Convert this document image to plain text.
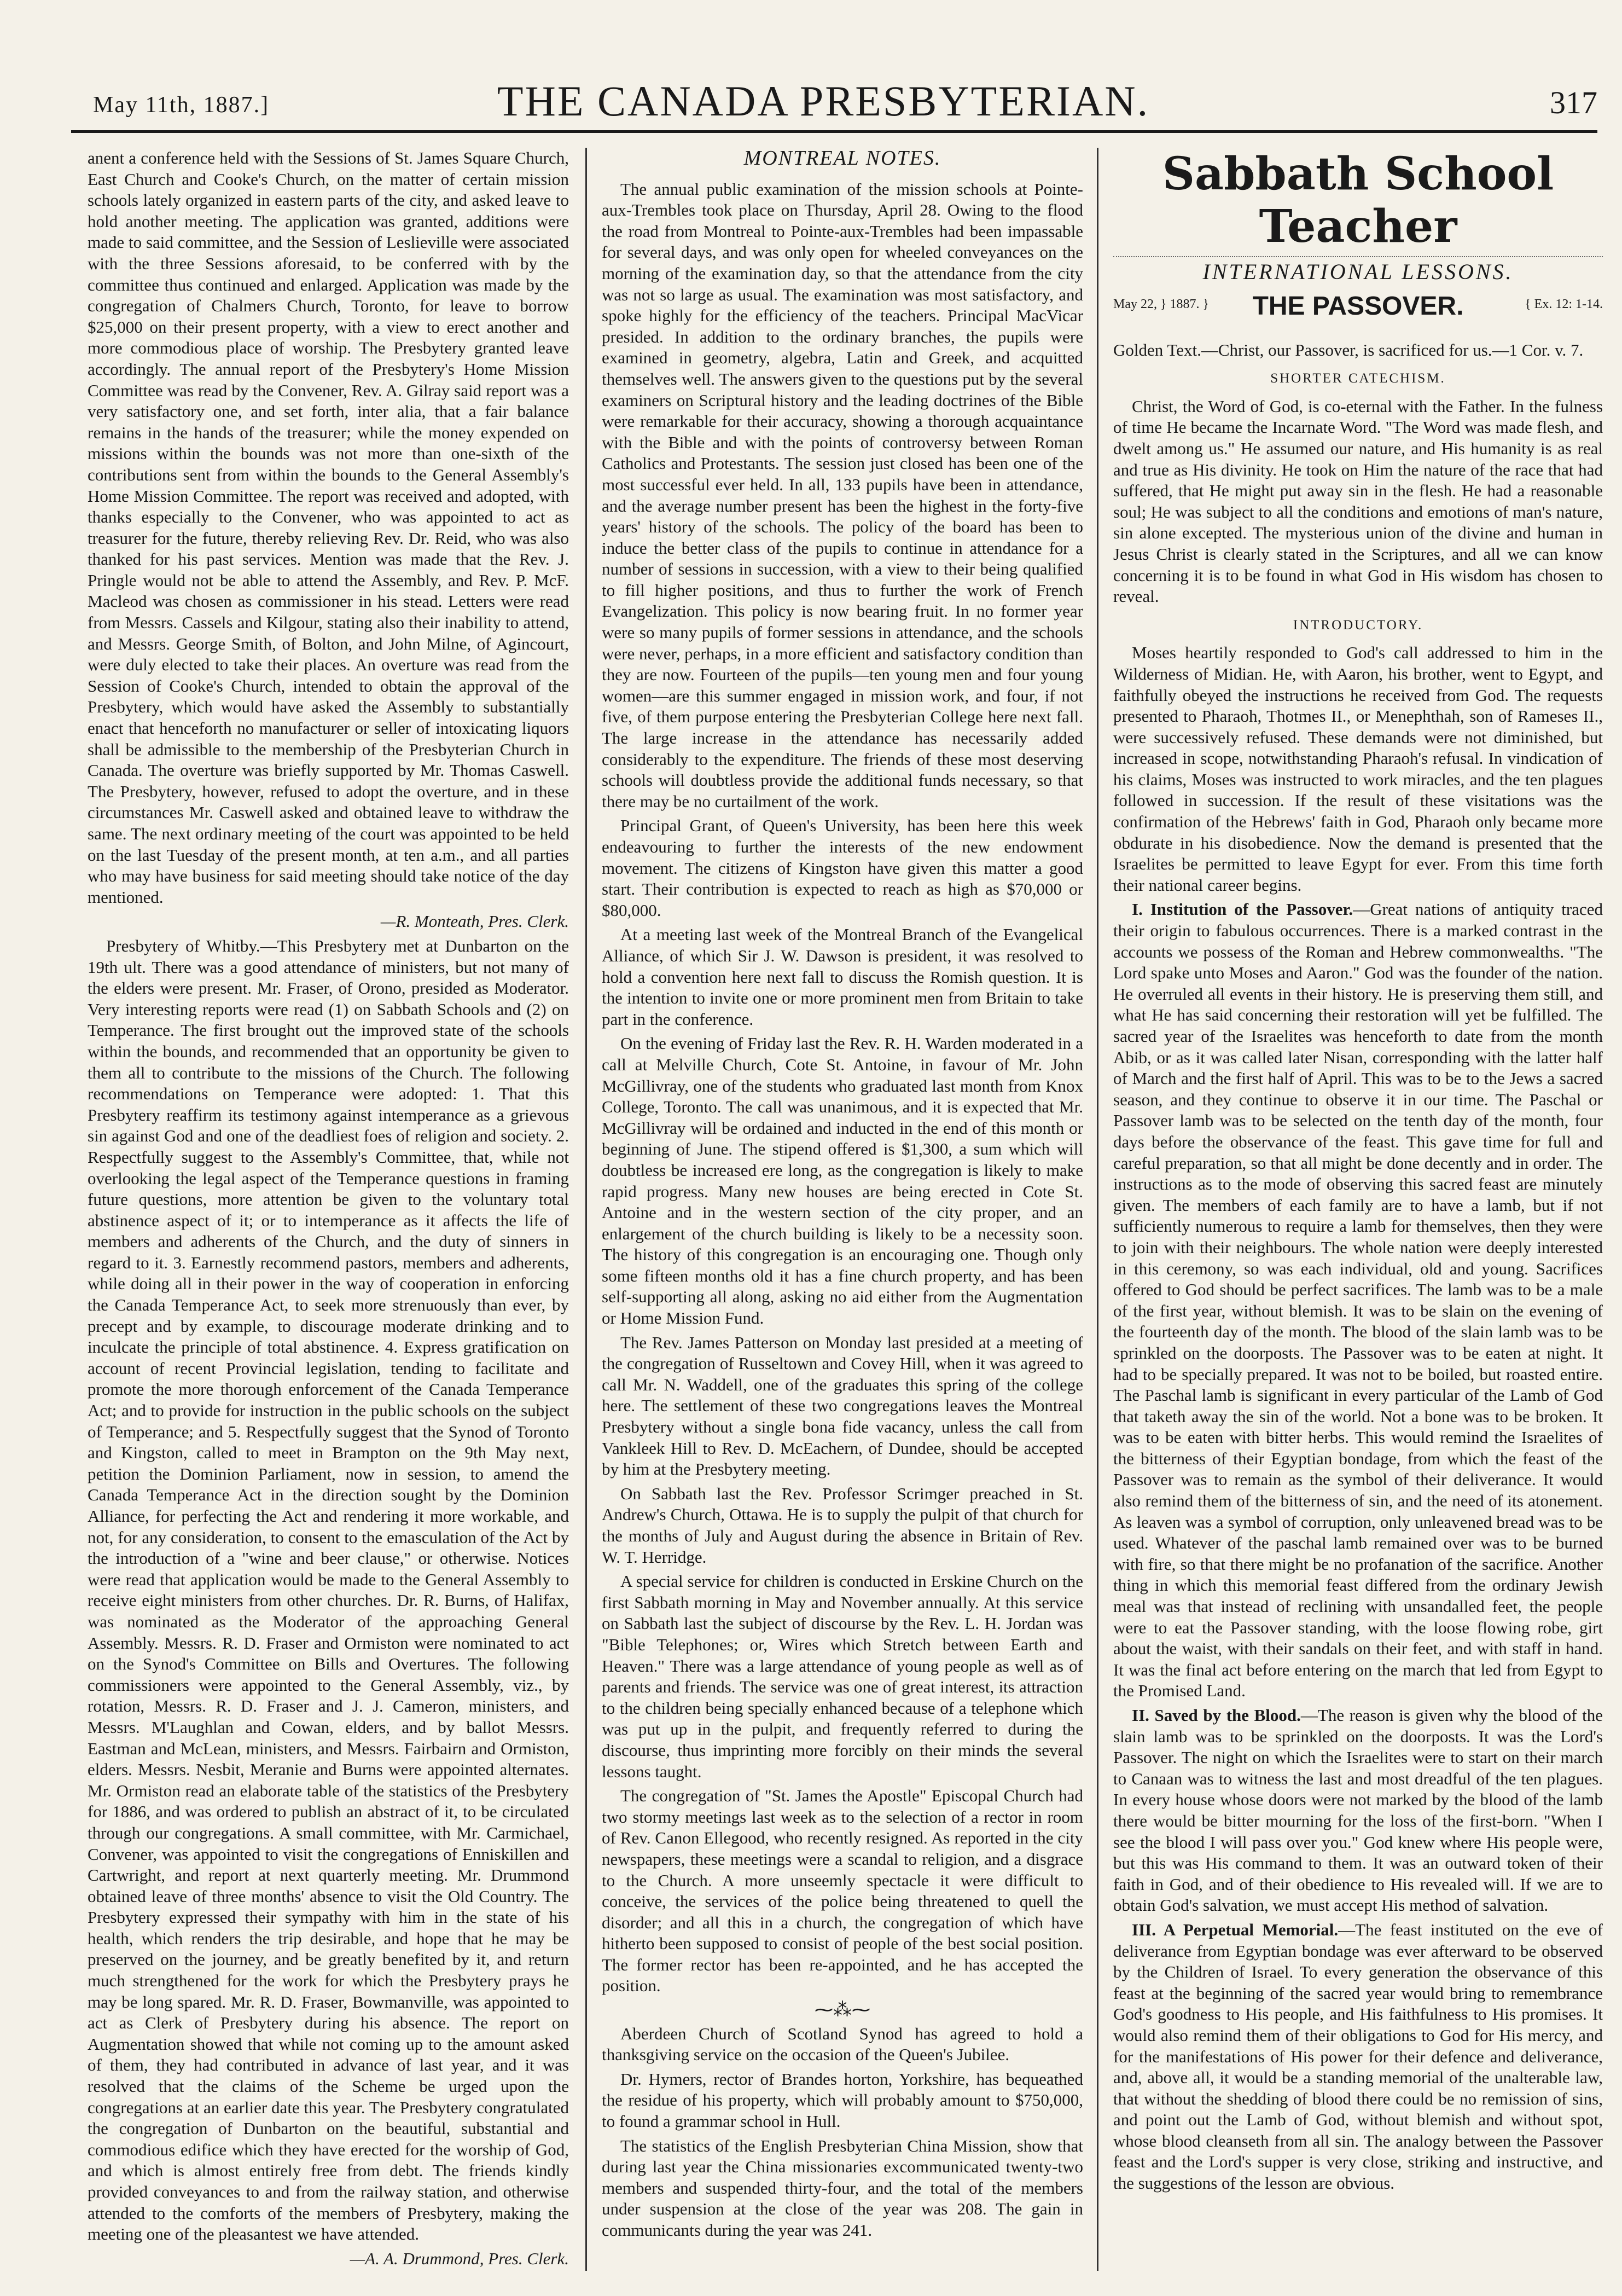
May 11th, 1887.]	THE CANADA PRESBYTERIAN.	317

anent a conference held with the Sessions of St. James Square Church, East Church and Cooke's Church, on the matter of certain mission schools lately organized in eastern parts of the city, and asked leave to hold another meeting. The application was granted, additions were made to said committee, and the Session of Leslieville were associated with the three Sessions aforesaid, to be conferred with by the committee thus continued and enlarged. Application was made by the congregation of Chalmers Church, Toronto, for leave to borrow $25,000 on their present property, with a view to erect another and more commodious place of worship. The Presbytery granted leave accordingly. The annual report of the Presbytery's Home Mission Committee was read by the Convener, Rev. A. Gilray said report was a very satisfactory one, and set forth, inter alia, that a fair balance remains in the hands of the treasurer; while the money expended on missions within the bounds was not more than one-sixth of the contributions sent from within the bounds to the General Assembly's Home Mission Committee. The report was received and adopted, with thanks especially to the Convener, who was appointed to act as treasurer for the future, thereby relieving Rev. Dr. Reid, who was also thanked for his past services. Mention was made that the Rev. J. Pringle would not be able to attend the Assembly, and Rev. P. McF. Macleod was chosen as commissioner in his stead. Letters were read from Messrs. Cassels and Kilgour, stating also their inability to attend, and Messrs. George Smith, of Bolton, and John Milne, of Agincourt, were duly elected to take their places. An overture was read from the Session of Cooke's Church, intended to obtain the approval of the Presbytery, which would have asked the Assembly to substantially enact that henceforth no manufacturer or seller of intoxicating liquors shall be admissible to the membership of the Presbyterian Church in Canada. The overture was briefly supported by Mr. Thomas Caswell. The Presbytery, however, refused to adopt the overture, and in these circumstances Mr. Caswell asked and obtained leave to withdraw the same. The next ordinary meeting of the court was appointed to be held on the last Tuesday of the present month, at ten a.m., and all parties who may have business for said meeting should take notice of the day mentioned.

—R. Monteath, Pres. Clerk.

Presbytery of Whitby.—This Presbytery met at Dunbarton on the 19th ult. There was a good attendance of ministers, but not many of the elders were present. Mr. Fraser, of Orono, presided as Moderator. Very interesting reports were read (1) on Sabbath Schools and (2) on Temperance. The first brought out the improved state of the schools within the bounds, and recommended that an opportunity be given to them all to contribute to the missions of the Church. The following recommendations on Temperance were adopted: 1. That this Presbytery reaffirm its testimony against intemperance as a grievous sin against God and one of the deadliest foes of religion and society. 2. Respectfully suggest to the Assembly's Committee, that, while not overlooking the legal aspect of the Temperance questions in framing future questions, more attention be given to the voluntary total abstinence aspect of it; or to intemperance as it affects the life of members and adherents of the Church, and the duty of sinners in regard to it. 3. Earnestly recommend pastors, members and adherents, while doing all in their power in the way of cooperation in enforcing the Canada Temperance Act, to seek more strenuously than ever, by precept and by example, to discourage moderate drinking and to inculcate the principle of total abstinence. 4. Express gratification on account of recent Provincial legislation, tending to facilitate and promote the more thorough enforcement of the Canada Temperance Act; and to provide for instruction in the public schools on the subject of Temperance; and 5. Respectfully suggest that the Synod of Toronto and Kingston, called to meet in Brampton on the 9th May next, petition the Dominion Parliament, now in session, to amend the Canada Temperance Act in the direction sought by the Dominion Alliance, for perfecting the Act and rendering it more workable, and not, for any consideration, to consent to the emasculation of the Act by the introduction of a "wine and beer clause," or otherwise. Notices were read that application would be made to the General Assembly to receive eight ministers from other churches. Dr. R. Burns, of Halifax, was nominated as the Moderator of the approaching General Assembly. Messrs. R. D. Fraser and Ormiston were nominated to act on the Synod's Committee on Bills and Overtures. The following commissioners were appointed to the General Assembly, viz., by rotation, Messrs. R. D. Fraser and J. J. Cameron, ministers, and Messrs. M'Laughlan and Cowan, elders, and by ballot Messrs. Eastman and McLean, ministers, and Messrs. Fairbairn and Ormiston, elders. Messrs. Nesbit, Meranie and Burns were appointed alternates. Mr. Ormiston read an elaborate table of the statistics of the Presbytery for 1886, and was ordered to publish an abstract of it, to be circulated through our congregations. A small committee, with Mr. Carmichael, Convener, was appointed to visit the congregations of Enniskillen and Cartwright, and report at next quarterly meeting. Mr. Drummond obtained leave of three months' absence to visit the Old Country. The Presbytery expressed their sympathy with him in the state of his health, which renders the trip desirable, and hope that he may be preserved on the journey, and be greatly benefited by it, and return much strengthened for the work for which the Presbytery prays he may be long spared. Mr. R. D. Fraser, Bowmanville, was appointed to act as Clerk of Presbytery during his absence. The report on Augmentation showed that while not coming up to the amount asked of them, they had contributed in advance of last year, and it was resolved that the claims of the Scheme be urged upon the congregations at an earlier date this year. The Presbytery congratulated the congregation of Dunbarton on the beautiful, substantial and commodious edifice which they have erected for the worship of God, and which is almost entirely free from debt. The friends kindly provided conveyances to and from the railway station, and otherwise attended to the comforts of the members of Presbytery, making the meeting one of the pleasantest we have attended.

—A. A. Drummond, Pres. Clerk.

MONTREAL NOTES.

The annual public examination of the mission schools at Pointe-aux-Trembles took place on Thursday, April 28. Owing to the flood the road from Montreal to Pointe-aux-Trembles had been impassable for several days, and was only open for wheeled conveyances on the morning of the examination day, so that the attendance from the city was not so large as usual. The examination was most satisfactory, and spoke highly for the efficiency of the teachers. Principal MacVicar presided. In addition to the ordinary branches, the pupils were examined in geometry, algebra, Latin and Greek, and acquitted themselves well. The answers given to the questions put by the several examiners on Scriptural history and the leading doctrines of the Bible were remarkable for their accuracy, showing a thorough acquaintance with the Bible and with the points of controversy between Roman Catholics and Protestants. The session just closed has been one of the most successful ever held. In all, 133 pupils have been in attendance, and the average number present has been the highest in the forty-five years' history of the schools. The policy of the board has been to induce the better class of the pupils to continue in attendance for a number of sessions in succession, with a view to their being qualified to fill higher positions, and thus to further the work of French Evangelization. This policy is now bearing fruit. In no former year were so many pupils of former sessions in attendance, and the schools were never, perhaps, in a more efficient and satisfactory condition than they are now. Fourteen of the pupils—ten young men and four young women—are this summer engaged in mission work, and four, if not five, of them purpose entering the Presbyterian College here next fall. The large increase in the attendance has necessarily added considerably to the expenditure. The friends of these most deserving schools will doubtless provide the additional funds necessary, so that there may be no curtailment of the work.

Principal Grant, of Queen's University, has been here this week endeavouring to further the interests of the new endowment movement. The citizens of Kingston have given this matter a good start. Their contribution is expected to reach as high as $70,000 or $80,000.

At a meeting last week of the Montreal Branch of the Evangelical Alliance, of which Sir J. W. Dawson is president, it was resolved to hold a convention here next fall to discuss the Romish question. It is the intention to invite one or more prominent men from Britain to take part in the conference.

On the evening of Friday last the Rev. R. H. Warden moderated in a call at Melville Church, Cote St. Antoine, in favour of Mr. John McGillivray, one of the students who graduated last month from Knox College, Toronto. The call was unanimous, and it is expected that Mr. McGillivray will be ordained and inducted in the end of this month or beginning of June. The stipend offered is $1,300, a sum which will doubtless be increased ere long, as the congregation is likely to make rapid progress. Many new houses are being erected in Cote St. Antoine and in the western section of the city proper, and an enlargement of the church building is likely to be a necessity soon. The history of this congregation is an encouraging one. Though only some fifteen months old it has a fine church property, and has been self-supporting all along, asking no aid either from the Augmentation or Home Mission Fund.

The Rev. James Patterson on Monday last presided at a meeting of the congregation of Russeltown and Covey Hill, when it was agreed to call Mr. N. Waddell, one of the graduates this spring of the college here. The settlement of these two congregations leaves the Montreal Presbytery without a single bona fide vacancy, unless the call from Vankleek Hill to Rev. D. McEachern, of Dundee, should be accepted by him at the Presbytery meeting.

On Sabbath last the Rev. Professor Scrimger preached in St. Andrew's Church, Ottawa. He is to supply the pulpit of that church for the months of July and August during the absence in Britain of Rev. W. T. Herridge.

A special service for children is conducted in Erskine Church on the first Sabbath morning in May and November annually. At this service on Sabbath last the subject of discourse by the Rev. L. H. Jordan was "Bible Telephones; or, Wires which Stretch between Earth and Heaven." There was a large attendance of young people as well as of parents and friends. The service was one of great interest, its attraction to the children being specially enhanced because of a telephone which was put up in the pulpit, and frequently referred to during the discourse, thus imprinting more forcibly on their minds the several lessons taught.

The congregation of "St. James the Apostle" Episcopal Church had two stormy meetings last week as to the selection of a rector in room of Rev. Canon Ellegood, who recently resigned. As reported in the city newspapers, these meetings were a scandal to religion, and a disgrace to the Church. A more unseemly spectacle it were difficult to conceive, the services of the police being threatened to quell the disorder; and all this in a church, the congregation of which have hitherto been supposed to consist of people of the best social position. The former rector has been re-appointed, and he has accepted the position.

⁓⁂⁓

Aberdeen Church of Scotland Synod has agreed to hold a thanksgiving service on the occasion of the Queen's Jubilee.

Dr. Hymers, rector of Brandes horton, Yorkshire, has bequeathed the residue of his property, which will probably amount to $750,000, to found a grammar school in Hull.

The statistics of the English Presbyterian China Mission, show that during last year the China missionaries excommunicated twenty-two members and suspended thirty-four, and the total of the members under suspension at the close of the year was 208. The gain in communicants during the year was 241.

Sabbath School Teacher
INTERNATIONAL LESSONS.
May 22, } 1887. }	THE PASSOVER.	{ Ex. 12: 1-14.

Golden Text.—Christ, our Passover, is sacrificed for us.—1 Cor. v. 7.

SHORTER CATECHISM.

Christ, the Word of God, is co-eternal with the Father. In the fulness of time He became the Incarnate Word. "The Word was made flesh, and dwelt among us." He assumed our nature, and His humanity is as real and true as His divinity. He took on Him the nature of the race that had suffered, that He might put away sin in the flesh. He had a reasonable soul; He was subject to all the conditions and emotions of man's nature, sin alone excepted. The mysterious union of the divine and human in Jesus Christ is clearly stated in the Scriptures, and all we can know concerning it is to be found in what God in His wisdom has chosen to reveal.

INTRODUCTORY.

Moses heartily responded to God's call addressed to him in the Wilderness of Midian. He, with Aaron, his brother, went to Egypt, and faithfully obeyed the instructions he received from God. The requests presented to Pharaoh, Thotmes II., or Menephthah, son of Rameses II., were successively refused. These demands were not diminished, but increased in scope, notwithstanding Pharaoh's refusal. In vindication of his claims, Moses was instructed to work miracles, and the ten plagues followed in succession. If the result of these visitations was the confirmation of the Hebrews' faith in God, Pharaoh only became more obdurate in his disobedience. Now the demand is presented that the Israelites be permitted to leave Egypt for ever. From this time forth their national career begins.

I. Institution of the Passover.—Great nations of antiquity traced their origin to fabulous occurrences. There is a marked contrast in the accounts we possess of the Roman and Hebrew commonwealths. "The Lord spake unto Moses and Aaron." God was the founder of the nation. He overruled all events in their history. He is preserving them still, and what He has said concerning their restoration will yet be fulfilled. The sacred year of the Israelites was henceforth to date from the month Abib, or as it was called later Nisan, corresponding with the latter half of March and the first half of April. This was to be to the Jews a sacred season, and they continue to observe it in our time. The Paschal or Passover lamb was to be selected on the tenth day of the month, four days before the observance of the feast. This gave time for full and careful preparation, so that all might be done decently and in order. The instructions as to the mode of observing this sacred feast are minutely given. The members of each family are to have a lamb, but if not sufficiently numerous to require a lamb for themselves, then they were to join with their neighbours. The whole nation were deeply interested in this ceremony, so was each individual, old and young. Sacrifices offered to God should be perfect sacrifices. The lamb was to be a male of the first year, without blemish. It was to be slain on the evening of the fourteenth day of the month. The blood of the slain lamb was to be sprinkled on the doorposts. The Passover was to be eaten at night. It had to be specially prepared. It was not to be boiled, but roasted entire. The Paschal lamb is significant in every particular of the Lamb of God that taketh away the sin of the world. Not a bone was to be broken. It was to be eaten with bitter herbs. This would remind the Israelites of the bitterness of their Egyptian bondage, from which the feast of the Passover was to remain as the symbol of their deliverance. It would also remind them of the bitterness of sin, and the need of its atonement. As leaven was a symbol of corruption, only unleavened bread was to be used. Whatever of the paschal lamb remained over was to be burned with fire, so that there might be no profanation of the sacrifice. Another thing in which this memorial feast differed from the ordinary Jewish meal was that instead of reclining with unsandalled feet, the people were to eat the Passover standing, with the loose flowing robe, girt about the waist, with their sandals on their feet, and with staff in hand. It was the final act before entering on the march that led from Egypt to the Promised Land.

II. Saved by the Blood.—The reason is given why the blood of the slain lamb was to be sprinkled on the doorposts. It was the Lord's Passover. The night on which the Israelites were to start on their march to Canaan was to witness the last and most dreadful of the ten plagues. In every house whose doors were not marked by the blood of the lamb there would be bitter mourning for the loss of the first-born. "When I see the blood I will pass over you." God knew where His people were, but this was His command to them. It was an outward token of their faith in God, and of their obedience to His revealed will. If we are to obtain God's salvation, we must accept His method of salvation.

III. A Perpetual Memorial.—The feast instituted on the eve of deliverance from Egyptian bondage was ever afterward to be observed by the Children of Israel. To every generation the observance of this feast at the beginning of the sacred year would bring to remembrance God's goodness to His people, and His faithfulness to His promises. It would also remind them of their obligations to God for His mercy, and for the manifestations of His power for their defence and deliverance, and, above all, it would be a standing memorial of the unalterable law, that without the shedding of blood there could be no remission of sins, and point out the Lamb of God, without blemish and without spot, whose blood cleanseth from all sin. The analogy between the Passover feast and the Lord's supper is very close, striking and instructive, and the suggestions of the lesson are obvious.
